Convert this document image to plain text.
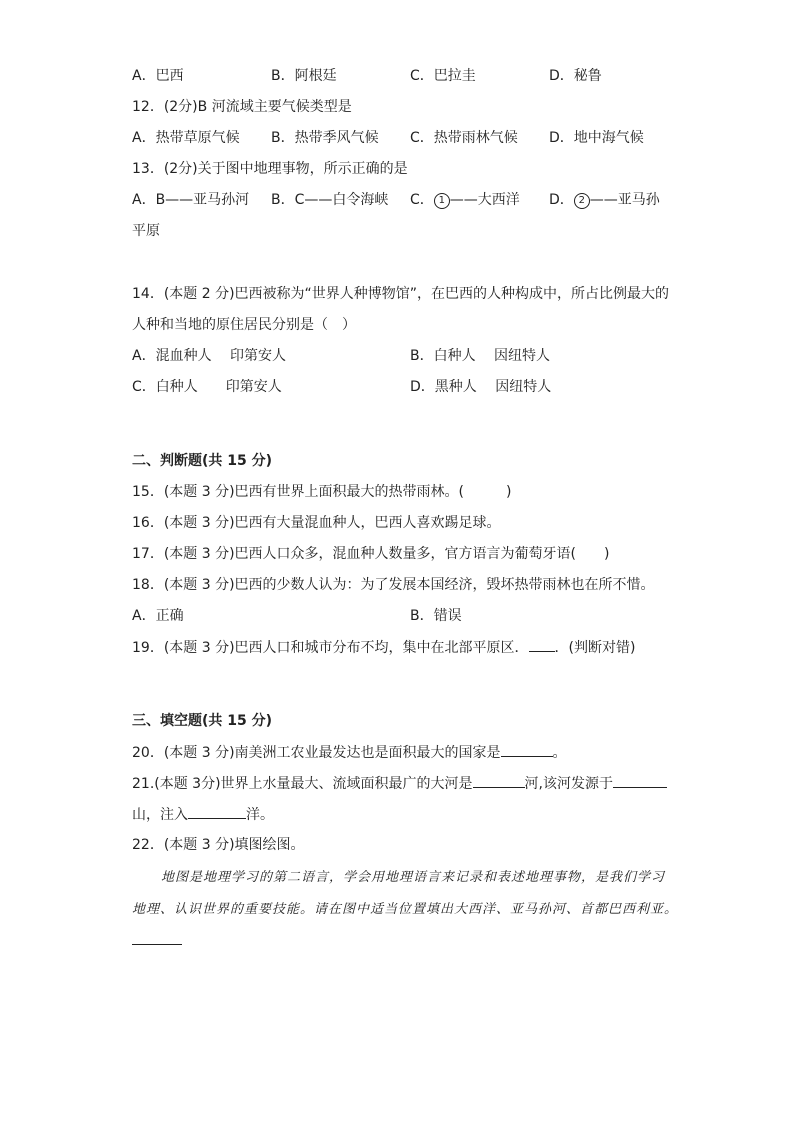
A．巴西	B．阿根廷	C．巴拉圭	D．秘鲁
12．(2分)B 河流域主要气候类型是
A．热带草原气候 B．热带季风气候 C．热带雨林气候 D．地中海气候
13．(2分)关于图中地理事物，所示正确的是
A．B——亚马孙河 B．C——白令海峡 C． 1 ——大西洋 D． 2 ——亚马孙
平原
14．(本题 2 分)巴西被称为“世界人种博物馆”，在巴西的人种构成中，所占比例最大的
人种和当地的原住居民分别是（　）
A．混血种人　 印第安人	B．白种人　 因纽特人
C．白种人　　印第安人	D．黑种人　 因纽特人
二、判断题(共 15 分)
15．(本题 3 分)巴西有世界上面积最大的热带雨林。(　　　)
16．(本题 3 分)巴西有大量混血种人，巴西人喜欢踢足球。
17．(本题 3 分)巴西人口众多，混血种人数量多，官方语言为葡萄牙语(　　)
18．(本题 3 分)巴西的少数人认为：为了发展本国经济，毁坏热带雨林也在所不惜。
A．正确	B．错误
19．(本题 3 分)巴西人口和城市分布不均，集中在北部平原区． ．(判断对错)
三、填空题(共 15 分)
20．(本题 3 分)南美洲工农业最发达也是面积最大的国家是	。
21.(本题 3分)世界上水量最大、流域面积最广的大河是	河,该河发源于
山，注入	洋。
22．(本题 3 分)填图绘图。
地图是地理学习的第二语言，学会用地理语言来记录和表述地理事物，是我们学习
地理、认识世界的重要技能。请在图中适当位置填出大西洋、亚马孙河、首都巴西利亚。
